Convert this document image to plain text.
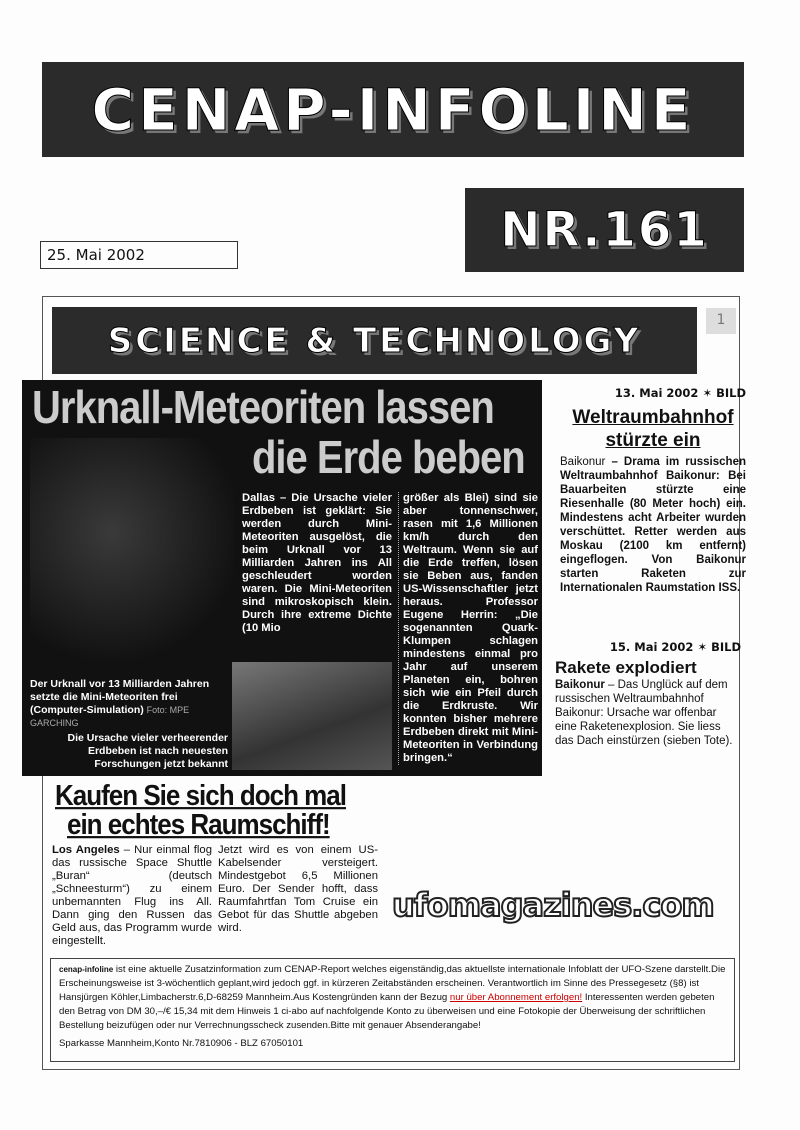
CENAP-INFOLINE
NR.161
25. Mai 2002
SCIENCE & TECHNOLOGY
1
Urknall-Meteoriten lassen
die Erde beben
Dallas – Die Ursache vieler Erdbeben ist geklärt: Sie werden durch Mini-Meteoriten ausgelöst, die beim Urknall vor 13 Milliarden Jahren ins All geschleudert worden waren. Die Mini-Meteoriten sind mikroskopisch klein. Durch ihre extreme Dichte (10 Mio
größer als Blei) sind sie aber tonnenschwer, rasen mit 1,6 Millionen km/h durch den Weltraum. Wenn sie auf die Erde treffen, lösen sie Beben aus, fanden US-Wissenschaftler jetzt heraus. Professor Eugene Herrin: „Die sogenannten Quark-Klumpen schlagen mindestens einmal pro Jahr auf unserem Planeten ein, bohren sich wie ein Pfeil durch die Erdkruste. Wir konnten bisher mehrere Erdbeben direkt mit Mini-Meteoriten in Verbindung bringen.“
Der Urknall vor 13 Milliarden Jahren setzte die Mini-Meteoriten frei (Computer-Simulation) Foto: MPE GARCHING
Die Ursache vieler verheerender Erdbeben ist nach neuesten Forschungen jetzt bekannt
13. Mai 2002 ✶ BILD
Weltraumbahnhof
stürzte ein
Baikonur – Drama im russischen Weltraumbahnhof Baikonur: Bei Bauarbeiten stürzte eine Riesenhalle (80 Meter hoch) ein. Mindestens acht Arbeiter wurden verschüttet. Retter werden aus Moskau (2100 km entfernt) eingeflogen. Von Baikonur starten Raketen zur Internationalen Raumstation ISS.
15. Mai 2002 ✶ BILD
Rakete explodiert
Baikonur – Das Unglück auf dem russischen Weltraumbahnhof Baikonur: Ursache war offenbar eine Raketenexplosion. Sie liess das Dach einstürzen (sieben Tote).
Kaufen Sie sich doch mal
ein echtes Raumschiff!
Los Angeles – Nur einmal flog das russische Space Shuttle „Buran“ (deutsch „Schneesturm“) zu einem unbemannten Flug ins All. Dann ging den Russen das Geld aus, das Programm wurde eingestellt.
Jetzt wird es von einem US-Kabelsender versteigert. Mindestgebot 6,5 Millionen Euro. Der Sender hofft, dass Raumfahrtfan Tom Cruise ein Gebot für das Shuttle abgeben wird.
ufomagazines.com
cenap-infoline ist eine aktuelle Zusatzinformation zum CENAP-Report welches eigenständig,das aktuellste internationale Infoblatt der UFO-Szene darstellt.Die Erscheinungsweise ist 3-wöchentlich geplant,wird jedoch ggf. in kürzeren Zeitabständen erscheinen. Verantwortlich im Sinne des Pressegesetz (§8) ist Hansjürgen Köhler,Limbacherstr.6,D-68259 Mannheim.Aus Kostengründen kann der Bezug nur über Abonnement erfolgen! Interessenten werden gebeten den Betrag von DM 30,–/€ 15,34 mit dem Hinweis 1 ci-abo auf nachfolgende Konto zu überweisen und eine Fotokopie der Überweisung der schriftlichen Bestellung beizufügen oder nur Verrechnungsscheck zusenden.Bitte mit genauer Absenderangabe!
Sparkasse Mannheim,Konto Nr.7810906 - BLZ 67050101
